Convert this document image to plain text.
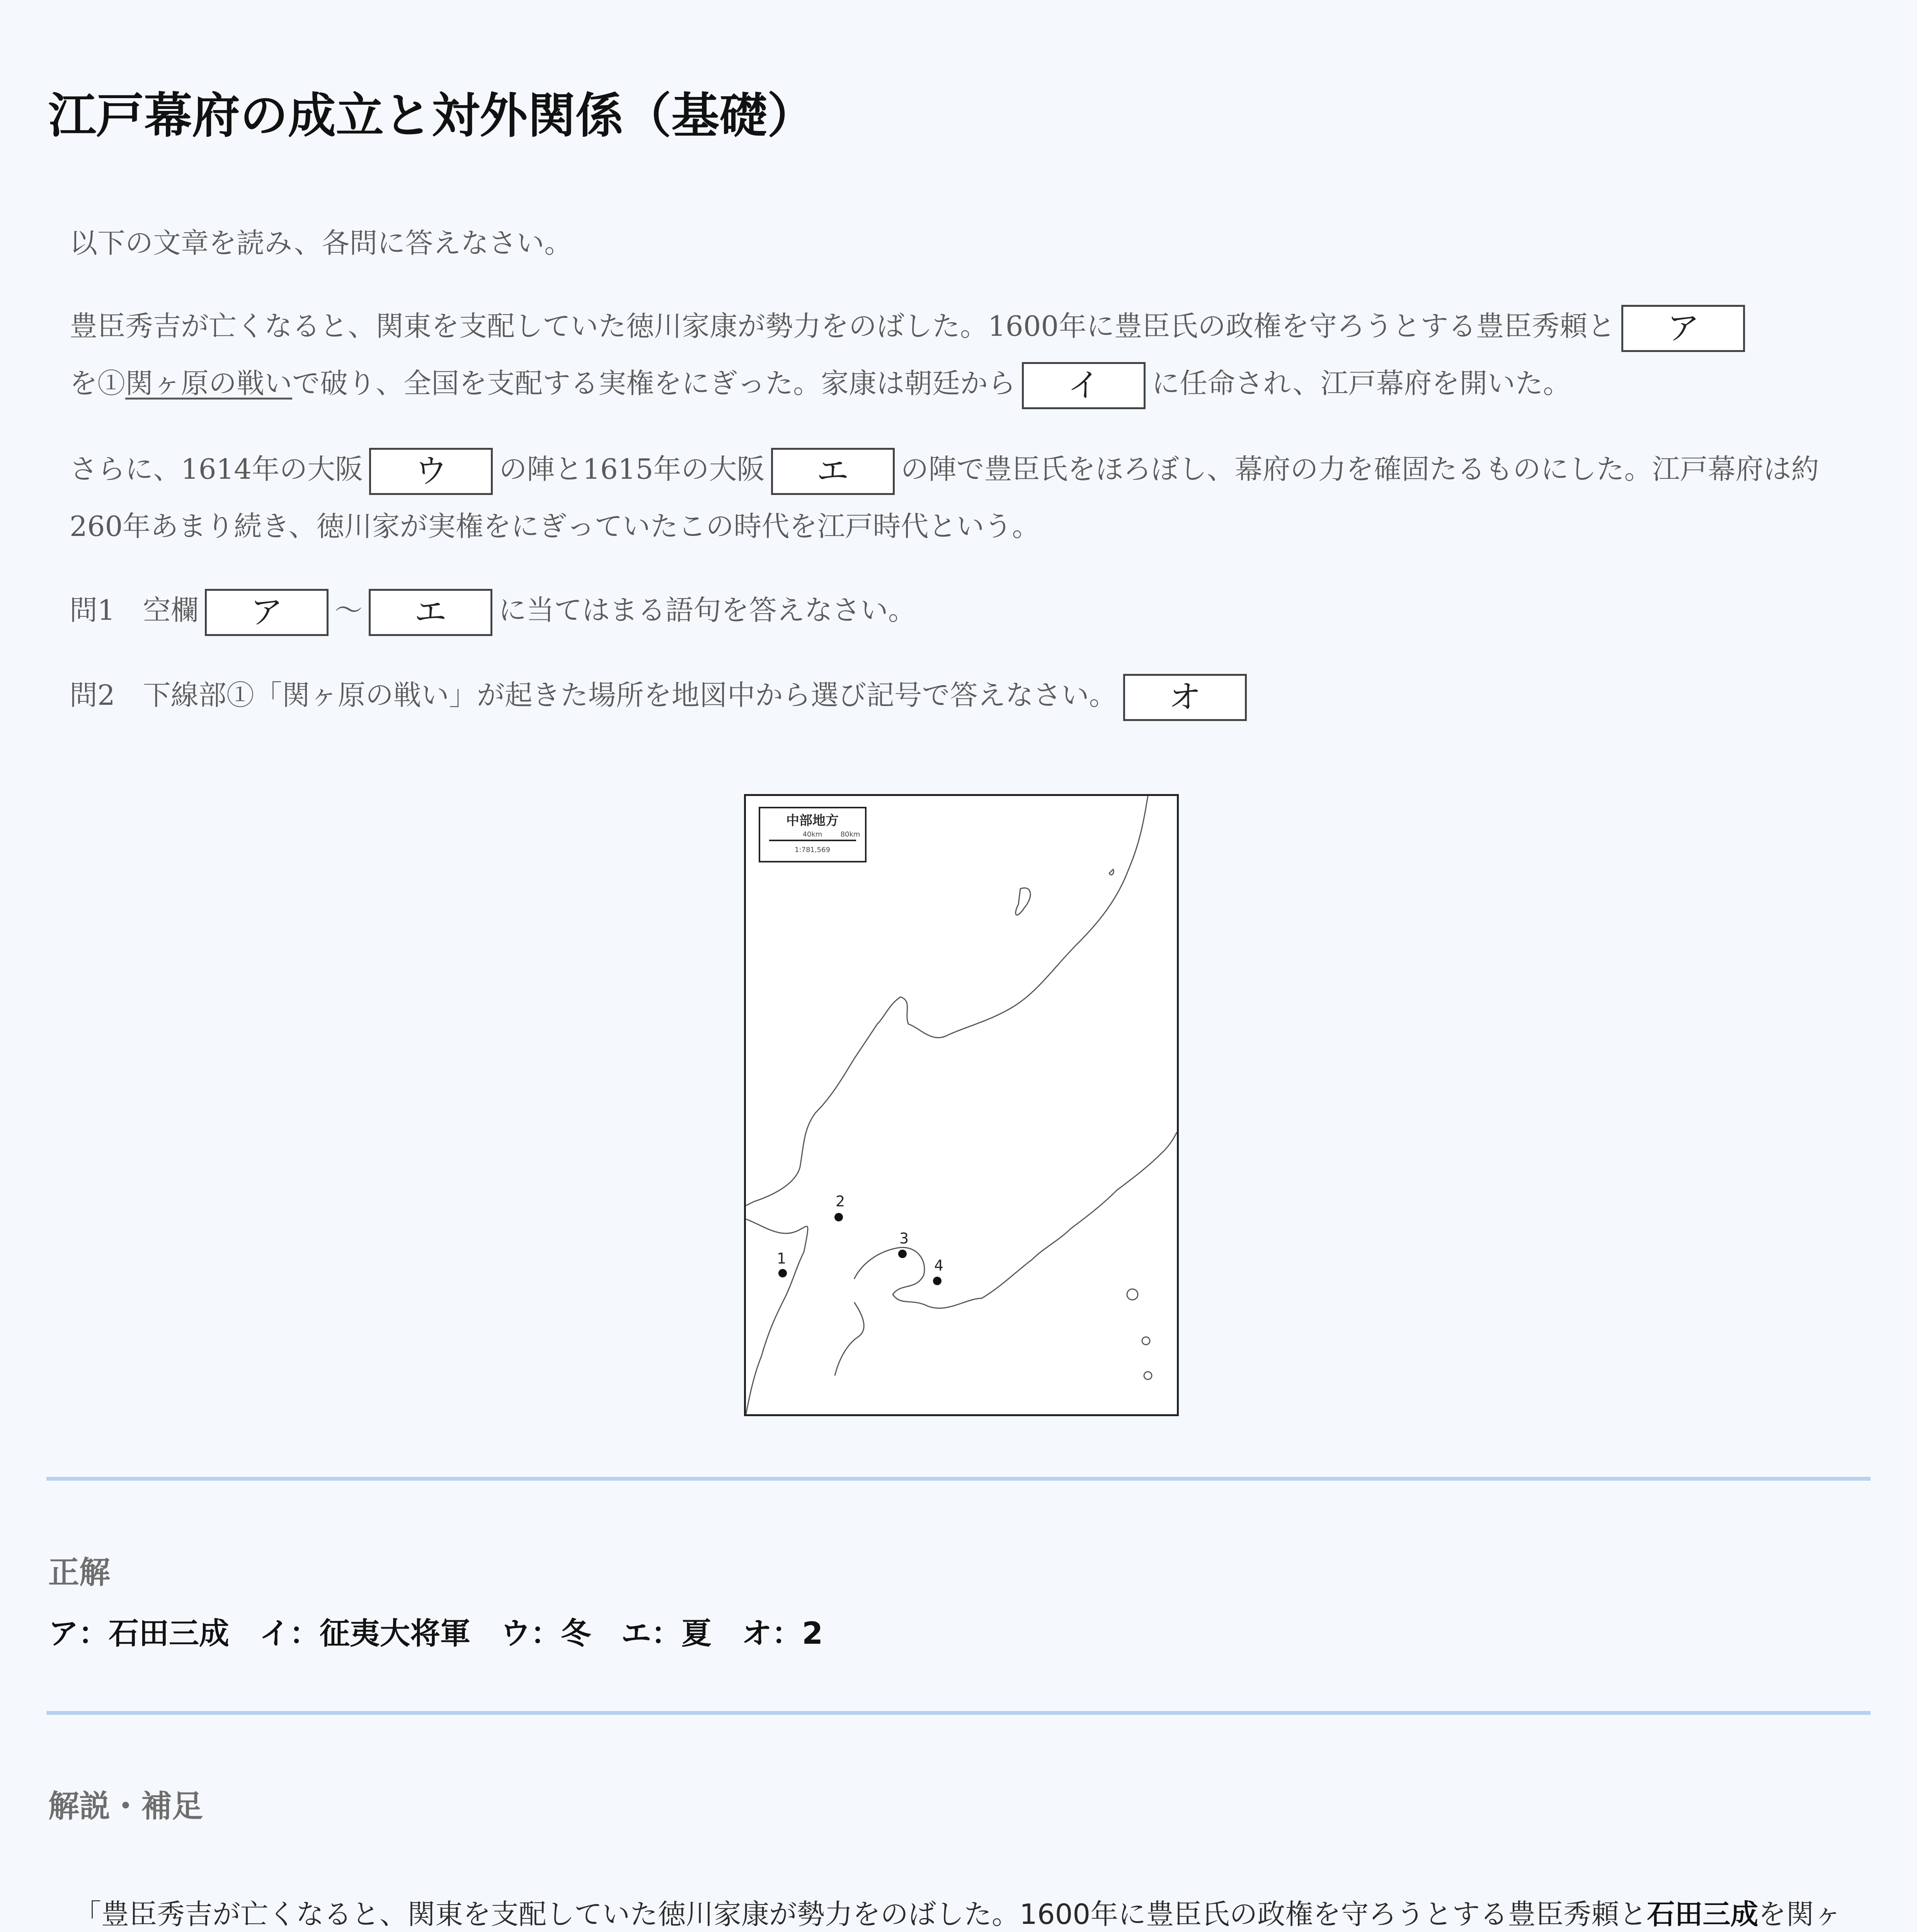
江戸幕府の成立と対外関係（基礎）
以下の文章を読み、各問に答えなさい。
豊臣秀吉が亡くなると、関東を支配していた徳川家康が勢力をのばした。1600年に豊臣氏の政権を守ろうとする豊臣秀頼と ア
を①関ヶ原の戦いで破り、全国を支配する実権をにぎった。家康は朝廷から イ に任命され、江戸幕府を開いた。
さらに、1614年の大阪 ウ の陣と1615年の大阪 エ の陣で豊臣氏をほろぼし、幕府の力を確固たるものにした。江戸幕府は約260年あまり続き、徳川家が実権をにぎっていたこの時代を江戸時代という。
問1　空欄 ア ～ エ に当てはまる語句を答えなさい。
問2　下線部①「関ヶ原の戦い」が起きた場所を地図中から選び記号で答えなさい。 オ
中部地方
40km	80km
1:781,569
1
2
3
4
正解
ア：石田三成　イ：征夷大将軍　ウ：冬　エ：夏　オ：2
解説・補足

「豊臣秀吉が亡くなると、関東を支配していた徳川家康が勢力をのばした。1600年に豊臣氏の政権を守ろうとする豊臣秀頼と石田三成を関ヶ
